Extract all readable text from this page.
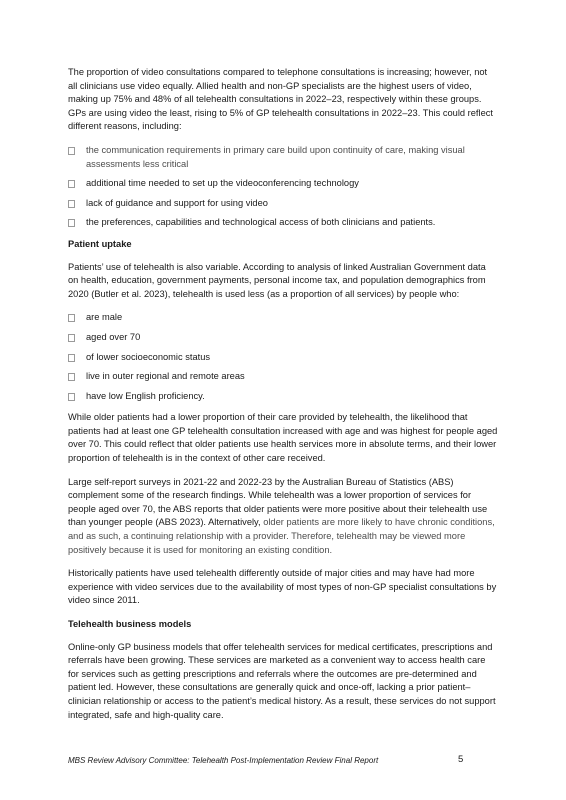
The proportion of video consultations compared to telephone consultations is increasing; however, not all clinicians use video equally. Allied health and non-GP specialists are the highest users of video, making up 75% and 48% of all telehealth consultations in 2022–23, respectively within these groups. GPs are using video the least, rising to 5% of GP telehealth consultations in 2022–23. This could reflect different reasons, including:

the communication requirements in primary care build upon continuity of care, making visual assessments less critical
additional time needed to set up the videoconferencing technology
lack of guidance and support for using video
the preferences, capabilities and technological access of both clinicians and patients.
Patient uptake

Patients’ use of telehealth is also variable. According to analysis of linked Australian Government data on health, education, government payments, personal income tax, and population demographics from 2020 (Butler et al. 2023), telehealth is used less (as a proportion of all services) by people who:

are male
aged over 70
of lower socioeconomic status
live in outer regional and remote areas
have low English proficiency.

While older patients had a lower proportion of their care provided by telehealth, the likelihood that patients had at least one GP telehealth consultation increased with age and was highest for people aged over 70. This could reflect that older patients use health services more in absolute terms, and their lower proportion of telehealth is in the context of other care received.

Large self-report surveys in 2021-22 and 2022-23 by the Australian Bureau of Statistics (ABS) complement some of the research findings. While telehealth was a lower proportion of services for people aged over 70, the ABS reports that older patients were more positive about their telehealth use than younger people (ABS 2023). Alternatively, older patients are more likely to have chronic conditions, and as such, a continuing relationship with a provider. Therefore, telehealth may be viewed more positively because it is used for monitoring an existing condition.

Historically patients have used telehealth differently outside of major cities and may have had more experience with video services due to the availability of most types of non-GP specialist consultations by video since 2011.

Telehealth business models

Online-only GP business models that offer telehealth services for medical certificates, prescriptions and referrals have been growing. These services are marketed as a convenient way to access health care for services such as getting prescriptions and referrals where the outcomes are pre-determined and patient led. However, these consultations are generally quick and once-off, lacking a prior patient–clinician relationship or access to the patient’s medical history. As a result, these services do not support integrated, safe and high-quality care.

MBS Review Advisory Committee: Telehealth Post-Implementation Review Final Report	5
